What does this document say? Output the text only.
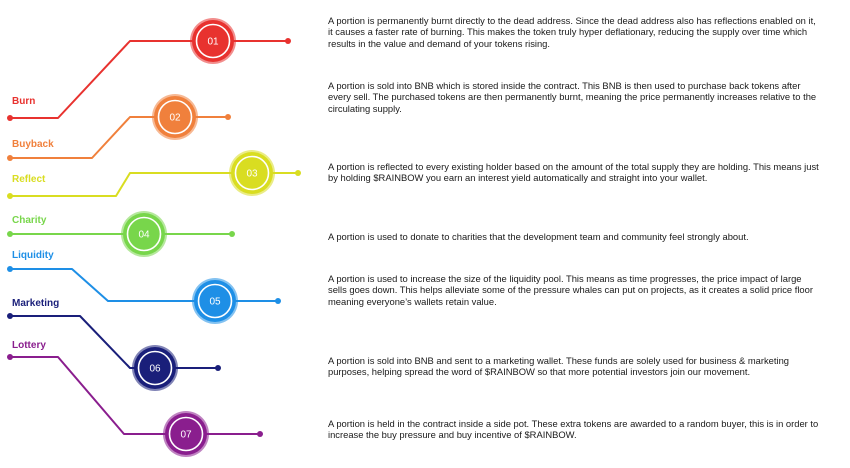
01
02
03
04
05
06
07
Burn
Buyback
Reflect
Charity
Liquidity
Marketing
Lottery
A portion is permanently burnt directly to the dead address. Since the dead address also has reflections enabled on it, it causes a faster rate of burning. This makes the token truly hyper deflationary, reducing the supply over time which results in the value and demand of your tokens rising.
A portion is sold into BNB which is stored inside the contract. This BNB is then used to purchase back tokens after every sell. The purchased tokens are then permanently burnt, meaning the price permanently increases relative to the circulating supply.
A portion is reflected to every existing holder based on the amount of the total supply they are holding. This means just by holding $RAINBOW you earn an interest yield automatically and straight into your wallet.
A portion is used to donate to charities that the development team and community feel strongly about.
A portion is used to increase the size of the liquidity pool. This means as time progresses, the price impact of large sells goes down. This helps alleviate some of the pressure whales can put on projects, as it creates a solid price floor meaning everyone’s wallets retain value.
A portion is sold into BNB and sent to a marketing wallet. These funds are solely used for business & marketing purposes, helping spread the word of $RAINBOW so that more potential investors join our movement.
A portion is held in the contract inside a side pot. These extra tokens are awarded to a random buyer, this is in order to increase the buy pressure and buy incentive of $RAINBOW.
